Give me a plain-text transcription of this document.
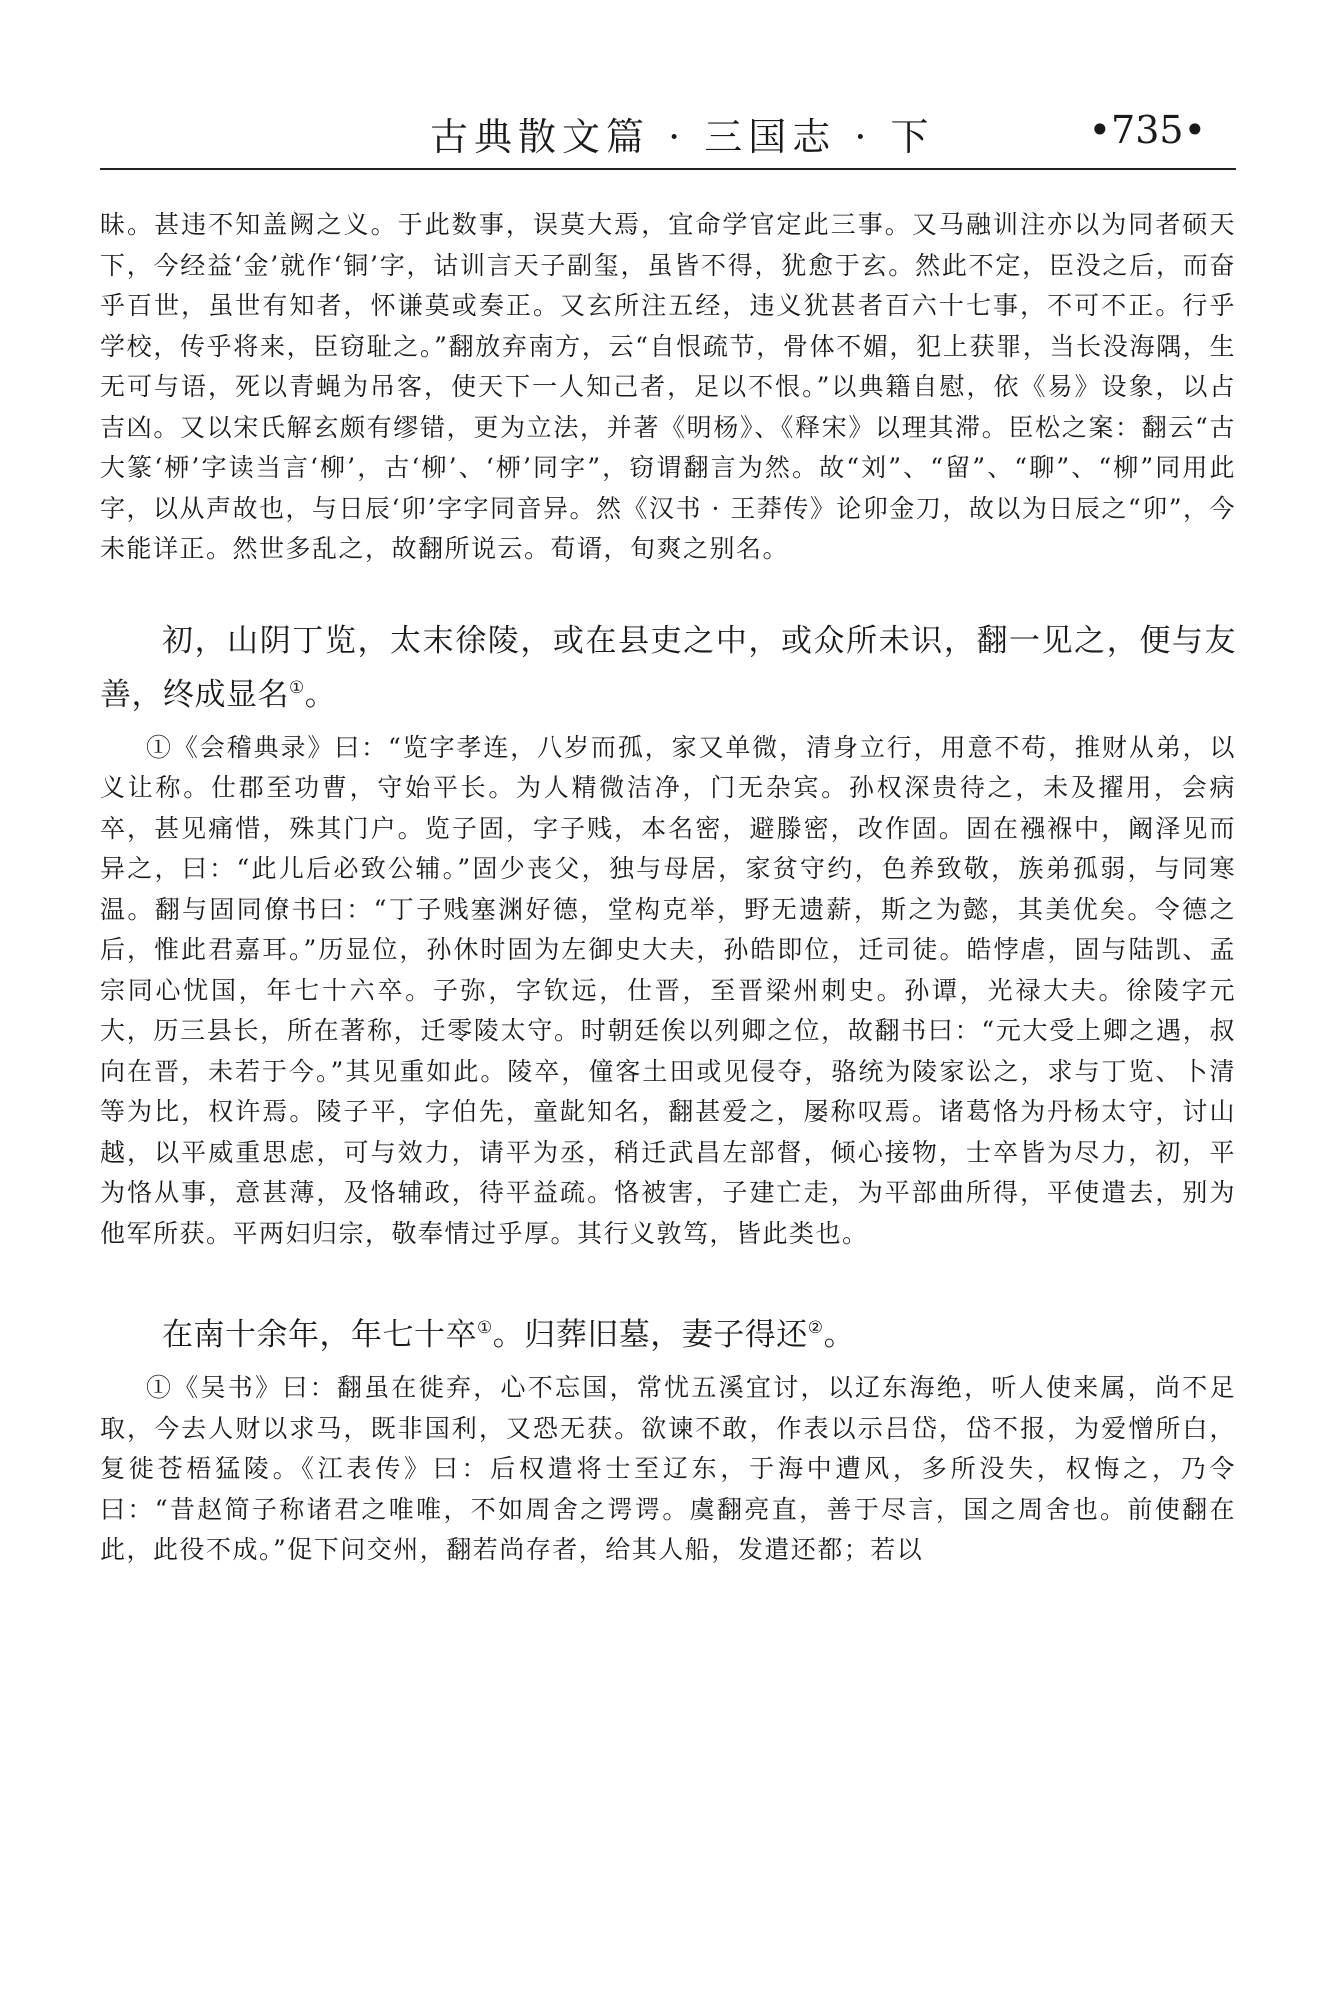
古典散文篇 · 三国志 · 下	•735•

昧。甚违不知盖阙之义。于此数事，误莫大焉，宜命学官定此三事。又马融训注亦以为同者硕天下，今经益‘金’就作‘铜’字，诂训言天子副玺，虽皆不得，犹愈于玄。然此不定，臣没之后，而奋乎百世，虽世有知者，怀谦莫或奏正。又玄所注五经，违义犹甚者百六十七事，不可不正。行乎学校，传乎将来，臣窃耻之。”翻放弃南方，云“自恨疏节，骨体不媚，犯上获罪，当长没海隅，生无可与语，死以青蝇为吊客，使天下一人知己者，足以不恨。”以典籍自慰，依《易》设象，以占吉凶。又以宋氏解玄颇有缪错，更为立法，并著《明杨》、《释宋》以理其滞。臣松之案：翻云“古大篆‘桺’字读当言‘柳’，古‘柳’、‘桺’同字”，窃谓翻言为然。故“刘”、“留”、“聊”、“柳”同用此字，以从声故也，与日辰‘卯’字字同音异。然《汉书 · 王莽传》论卯金刀，故以为日辰之“卯”，今未能详正。然世多乱之，故翻所说云。荀谞，旬爽之别名。

初，山阴丁览，太末徐陵，或在县吏之中，或众所未识，翻一见之，便与友善，终成显名①。

①《会稽典录》曰：“览字孝连，八岁而孤，家又单微，清身立行，用意不苟，推财从弟，以义让称。仕郡至功曹，守始平长。为人精微洁净，门无杂宾。孙权深贵待之，未及擢用，会病卒，甚见痛惜，殊其门户。览子固，字子贱，本名密，避滕密，改作固。固在襁褓中，阚泽见而异之，曰：“此儿后必致公辅。”固少丧父，独与母居，家贫守约，色养致敬，族弟孤弱，与同寒温。翻与固同僚书曰：“丁子贱塞渊好德，堂构克举，野无遗薪，斯之为懿，其美优矣。令德之后，惟此君嘉耳。”历显位，孙休时固为左御史大夫，孙皓即位，迁司徒。皓悖虐，固与陆凯、孟宗同心忧国，年七十六卒。子弥，字钦远，仕晋，至晋梁州刺史。孙谭，光禄大夫。徐陵字元大，历三县长，所在著称，迁零陵太守。时朝廷俟以列卿之位，故翻书曰：“元大受上卿之遇，叔向在晋，未若于今。”其见重如此。陵卒，僮客土田或见侵夺，骆统为陵家讼之，求与丁览、卜清等为比，权许焉。陵子平，字伯先，童龀知名，翻甚爱之，屡称叹焉。诸葛恪为丹杨太守，讨山越，以平威重思虑，可与效力，请平为丞，稍迁武昌左部督，倾心接物，士卒皆为尽力，初，平为恪从事，意甚薄，及恪辅政，待平益疏。恪被害，子建亡走，为平部曲所得，平使遣去，别为他军所获。平两妇归宗，敬奉情过乎厚。其行义敦笃，皆此类也。

在南十余年，年七十卒①。归葬旧墓，妻子得还②。

①《吴书》曰：翻虽在徙弃，心不忘国，常忧五溪宜讨，以辽东海绝，听人使来属，尚不足取，今去人财以求马，既非国利，又恐无获。欲谏不敢，作表以示吕岱，岱不报，为爱憎所白，复徙苍梧猛陵。《江表传》曰：后权遣将士至辽东，于海中遭风，多所没失，权悔之，乃令曰：“昔赵简子称诸君之唯唯，不如周舍之谔谔。虞翻亮直，善于尽言，国之周舍也。前使翻在此，此役不成。”促下问交州，翻若尚存者，给其人船，发遣还都；若以
